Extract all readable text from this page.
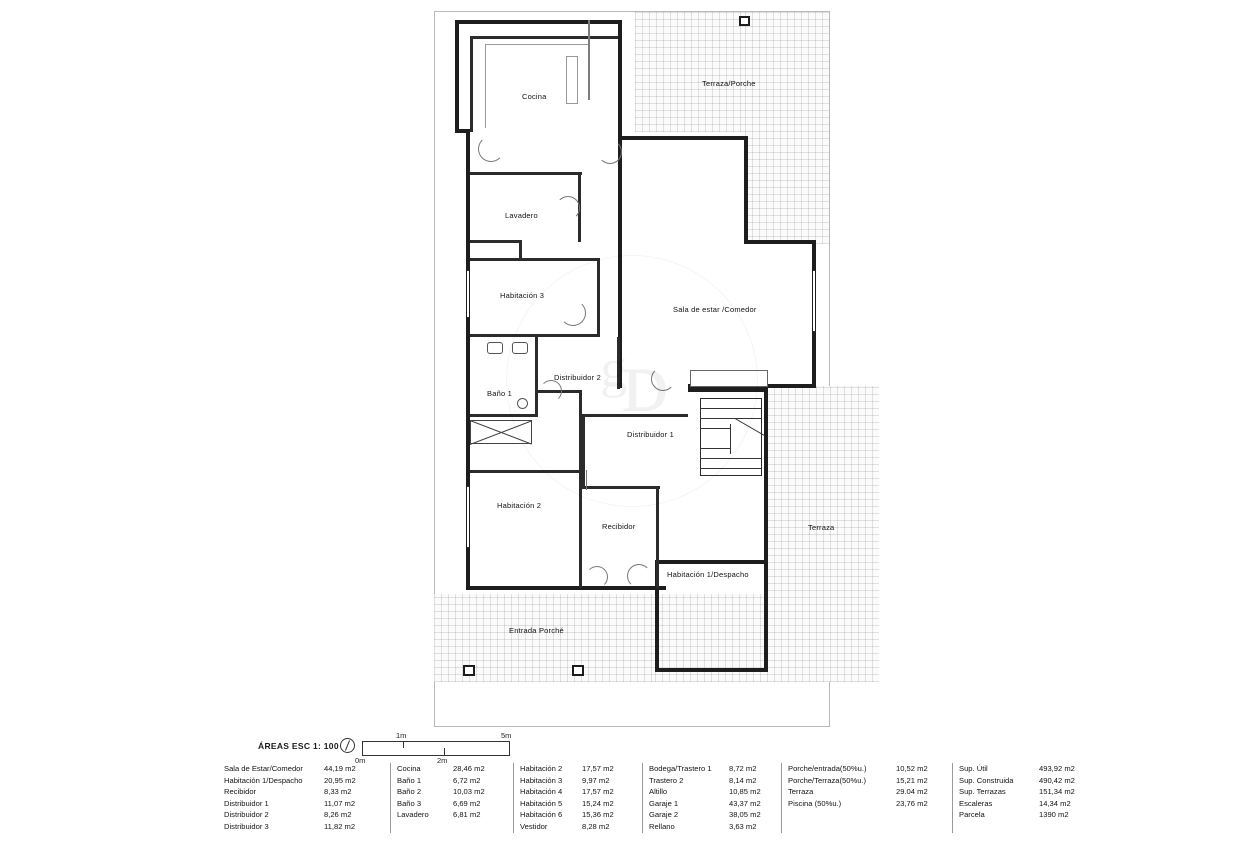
Cocina
Terraza/Porche
Lavadero
Habitación 3
Sala de estar /Comedor
Distribuidor 2
Baño 1
Distribuidor 1
Habitación 2
Recibidor	Terraza
Habitación 1/Despacho
Entrada Porché
ÁREAS ESC 1: 100
1m	5m
0m	2m
Sala de Estar/Comedor	44,19 m2
Habitación 1/Despacho	20,95 m2
Recibidor	8,33 m2
Distribuidor 1	11,07 m2
Distribuidor 2	8,26 m2
Distribuidor 3	11,82 m2
Cocina	28,46 m2
Baño 1	6,72 m2
Baño 2	10,03 m2
Baño 3	6,69 m2
Lavadero	6,81 m2
Habitación 2	17,57 m2
Habitación 3	9,97 m2
Habitación 4	17,57 m2
Habitación 5	15,24 m2
Habitación 6	15,36 m2
Vestidor	8,28 m2
Bodega/Trastero 1	8,72 m2
Trastero 2	8,14 m2
Altillo	10,85 m2
Garaje 1	43,37 m2
Garaje 2	38,05 m2
Rellano	3,63 m2
Porche/entrada(50%u.)	10,52 m2
Porche/Terraza(50%u.)	15,21 m2
Terraza	29.04 m2
Piscina (50%u.)	23,76 m2
Sup. Útil	493,92 m2
Sup. Construida	490,42 m2
Sup. Terrazas	151,34 m2
Escaleras	14,34 m2
Parcela	1390 m2
